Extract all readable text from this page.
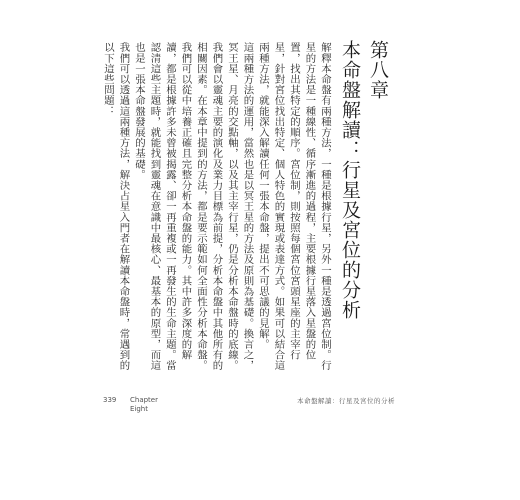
第八章
本命盤解讀：行星及宮位的分析

解釋本命盤有兩種方法，一種是根據行星，另外一種是透過宮位制。行星的方法是一種線性、循序漸進的過程，主要根據行星落入星盤的位置，找出其特定的順序。宮位制，則按照每個宮位宮頭星座的主宰行星，針對宮位找出特定、個人特色的實現或表達方式。如果可以結合這兩種方法，就能深入解讀任何一張本命盤，提出不可思議的見解。

這兩種方法的運用，當然也是以冥王星的方法及原則為基礎。換言之，冥王星、月亮的交點軸，以及其主宰行星，仍是分析本命盤時的底線。我們會以靈魂主要的演化及業力目標為前提，分析本命盤中其他所有的相關因素。在本章中提到的方法，都是要示範如何全面性分析本命盤。我們可以從中培養正確且完整分析本命盤的能力。其中許多深度的解讀，都是根據許多未曾被揭露、卻一再重複或一再發生的生命主題。當認清這些主題時，就能找到靈魂在意識中最核心、最基本的原型，而這也是一張本命盤發展的基礎。

我們可以透過這兩種方法，解決占星入門者在解讀本命盤時，常遇到的以下這些問題：

339 Chapter
Eight
本命盤解讀：行星及宮位的分析
